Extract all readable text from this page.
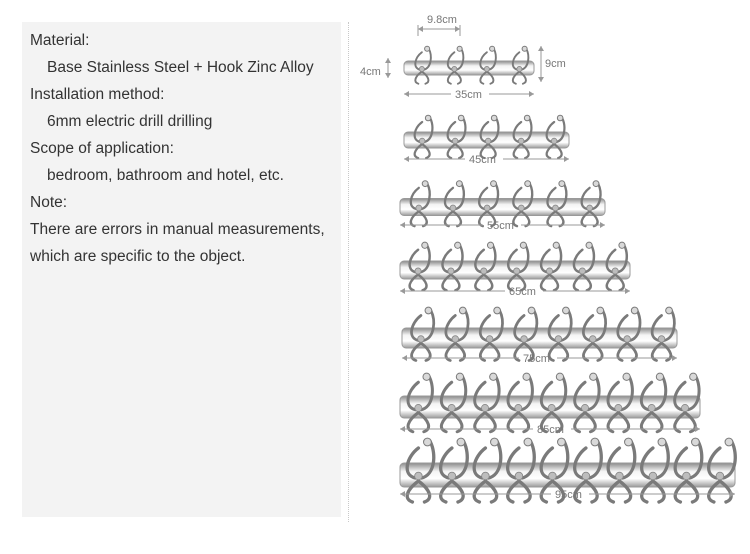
Material:
Base Stainless Steel + Hook Zinc Alloy
Installation method:
6mm electric drill drilling
Scope of application:
bedroom, bathroom and hotel, etc.
Note:
There are errors in manual measurements,
which are specific to the object.
9.8cm
4cm
9cm
35cm
45cm
55cm
65cm
75cm
85cm
95cm
